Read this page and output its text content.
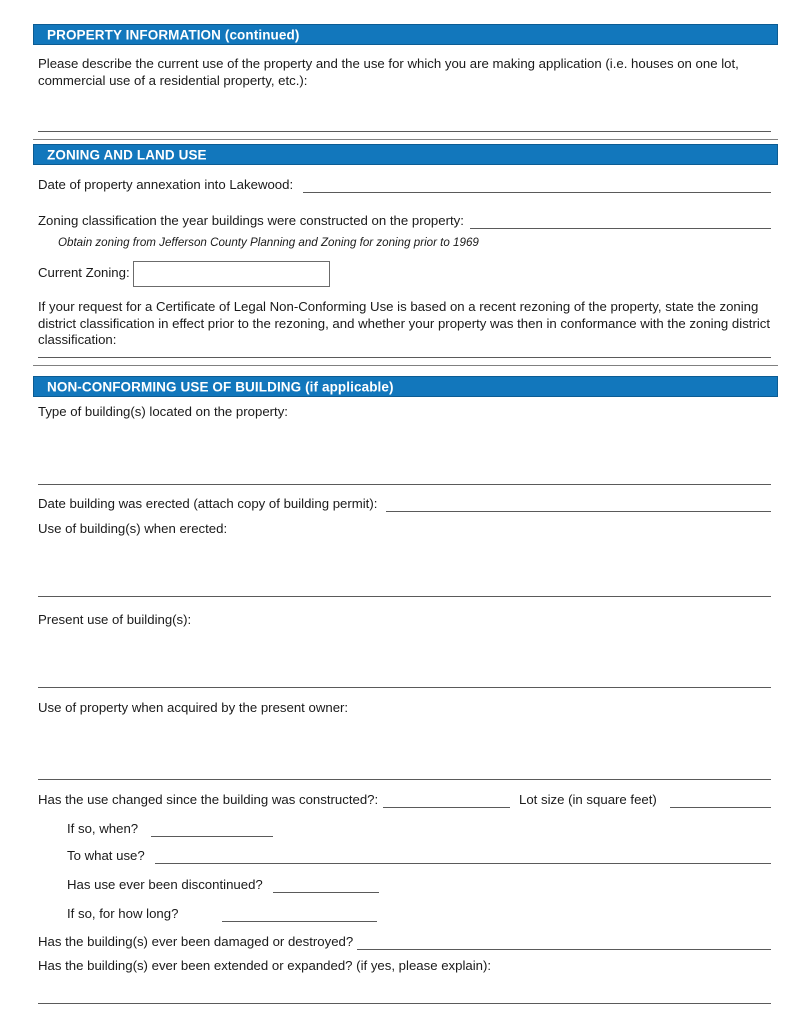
PROPERTY INFORMATION (continued)
Please describe the current use of the property and the use for which you are making application (i.e. houses on one lot, commercial use of a residential property, etc.):
ZONING AND LAND USE
Date of property annexation into Lakewood:
Zoning classification the year buildings were constructed on the property:
Obtain zoning from Jefferson County Planning and Zoning for zoning prior to 1969
Current Zoning:
If your request for a Certificate of Legal Non-Conforming Use is based on a recent rezoning of the property, state the zoning district classification in effect prior to the rezoning, and whether your property was then in conformance with the zoning district classification:
NON-CONFORMING USE OF BUILDING (if applicable)
Type of building(s) located on the property:
Date building was erected (attach copy of building permit):
Use of building(s) when erected:
Present use of building(s):
Use of property when acquired by the present owner:
Has the use changed since the building was constructed?:	Lot size (in square feet)
If so, when?
To what use?
Has use ever been discontinued?
If so, for how long?
Has the building(s) ever been damaged or destroyed?
Has the building(s) ever been extended or expanded? (if yes, please explain):
